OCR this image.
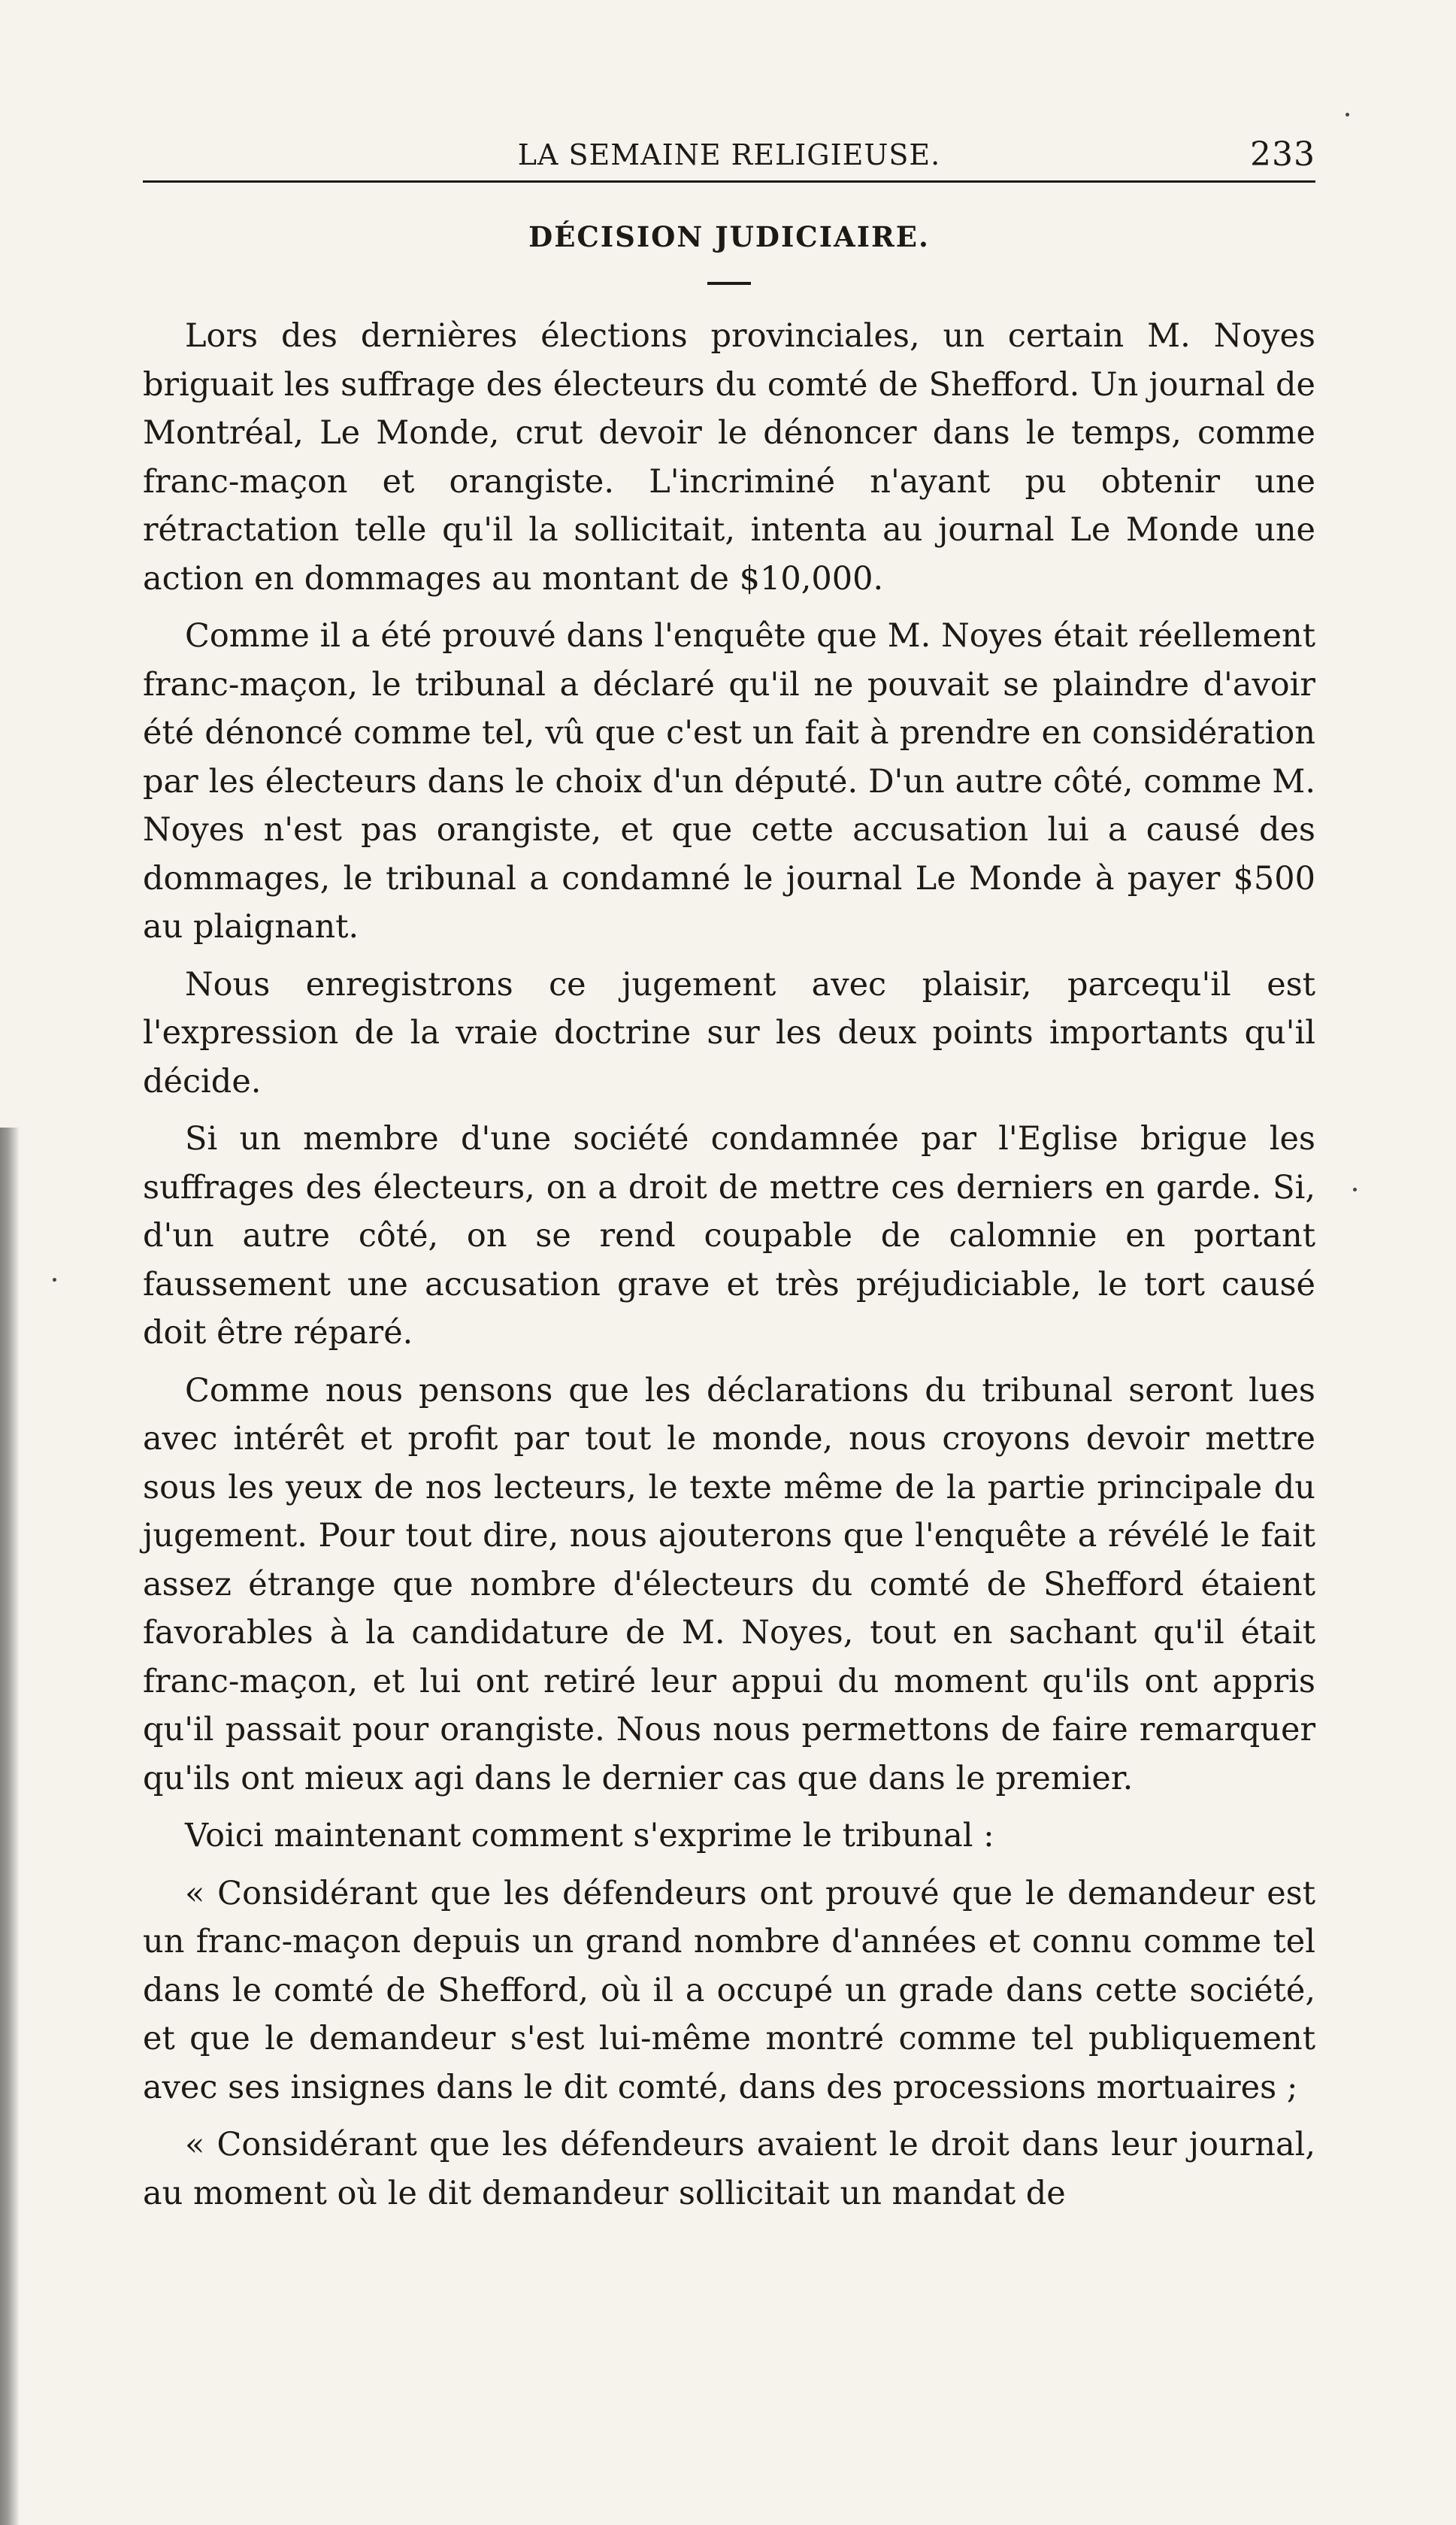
LA SEMAINE RELIGIEUSE.	233
DÉCISION JUDICIAIRE.

Lors des dernières élections provinciales, un certain M. Noyes briguait les suffrage des électeurs du comté de Shefford. Un journal de Montréal, Le Monde, crut devoir le dénoncer dans le temps, comme franc-maçon et orangiste. L'incriminé n'ayant pu obtenir une rétractation telle qu'il la sollicitait, intenta au journal Le Monde une action en dommages au montant de $10,000.

Comme il a été prouvé dans l'enquête que M. Noyes était réellement franc-maçon, le tribunal a déclaré qu'il ne pouvait se plaindre d'avoir été dénoncé comme tel, vû que c'est un fait à prendre en considération par les électeurs dans le choix d'un député. D'un autre côté, comme M. Noyes n'est pas orangiste, et que cette accusation lui a causé des dommages, le tribunal a condamné le journal Le Monde à payer $500 au plaignant.

Nous enregistrons ce jugement avec plaisir, parcequ'il est l'expression de la vraie doctrine sur les deux points importants qu'il décide.

Si un membre d'une société condamnée par l'Eglise brigue les suffrages des électeurs, on a droit de mettre ces derniers en garde. Si, d'un autre côté, on se rend coupable de calomnie en portant faussement une accusation grave et très préjudiciable, le tort causé doit être réparé.

Comme nous pensons que les déclarations du tribunal seront lues avec intérêt et profit par tout le monde, nous croyons devoir mettre sous les yeux de nos lecteurs, le texte même de la partie principale du jugement. Pour tout dire, nous ajouterons que l'enquête a révélé le fait assez étrange que nombre d'électeurs du comté de Shefford étaient favorables à la candidature de M. Noyes, tout en sachant qu'il était franc-maçon, et lui ont retiré leur appui du moment qu'ils ont appris qu'il passait pour orangiste. Nous nous permettons de faire remarquer qu'ils ont mieux agi dans le dernier cas que dans le premier.

Voici maintenant comment s'exprime le tribunal :

« Considérant que les défendeurs ont prouvé que le demandeur est un franc-maçon depuis un grand nombre d'années et connu comme tel dans le comté de Shefford, où il a occupé un grade dans cette société, et que le demandeur s'est lui-même montré comme tel publiquement avec ses insignes dans le dit comté, dans des processions mortuaires ;

« Considérant que les défendeurs avaient le droit dans leur journal, au moment où le dit demandeur sollicitait un mandat de
